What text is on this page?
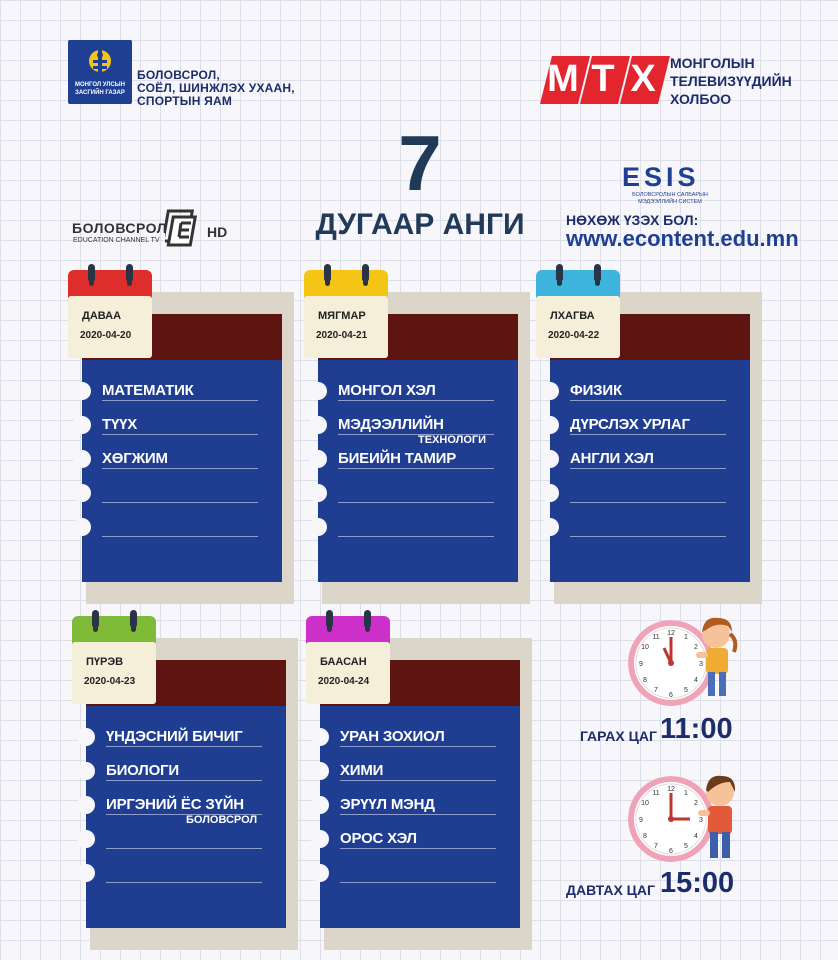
МОНГОЛ УЛСЫН
ЗАСГИЙН ГАЗАР
БОЛОВСРОЛ,
СОЁЛ, ШИНЖЛЭХ УХААН,
СПОРТЫН ЯАМ
М Т Х	МОНГОЛЫН
ТЕЛЕВИЗҮҮДИЙН
ХОЛБОО
7
ДУГААР АНГИ
БОЛОВСРОЛ
EDUCATION CHANNEL TV
HD
ESIS
БОЛОВСРОЛЫН САЛБАРЫН МЭДЭЭЛЛИЙН СИСТЕМ
НӨХӨЖ ҮЗЭХ БОЛ:
www.econtent.edu.mn
ДАВАА
2020-04-20
МАТЕМАТИК
ТҮҮХ
ХӨГЖИМ
МЯГМАР
2020-04-21
МОНГОЛ ХЭЛ
МЭДЭЭЛЛИЙН
БИЕИЙН ТАМИР
ТЕХНОЛОГИ
ЛХАГВА
2020-04-22
ФИЗИК
ДҮРСЛЭХ УРЛАГ
АНГЛИ ХЭЛ
ПҮРЭВ
2020-04-23
ҮНДЭСНИЙ БИЧИГ
БИОЛОГИ
ИРГЭНИЙ ЁС ЗҮЙН
БОЛОВСРОЛ
БААСАН
2020-04-24
УРАН ЗОХИОЛ
ХИМИ
ЭРҮҮЛ МЭНД
ОРОС ХЭЛ
12
1
2
3
4
5
6
7
8
9
10
11
ГАРАХ ЦАГ 11:00
12
1
2
3
4
5
6
7
8
9
10
11
ДАВТАХ ЦАГ 15:00
